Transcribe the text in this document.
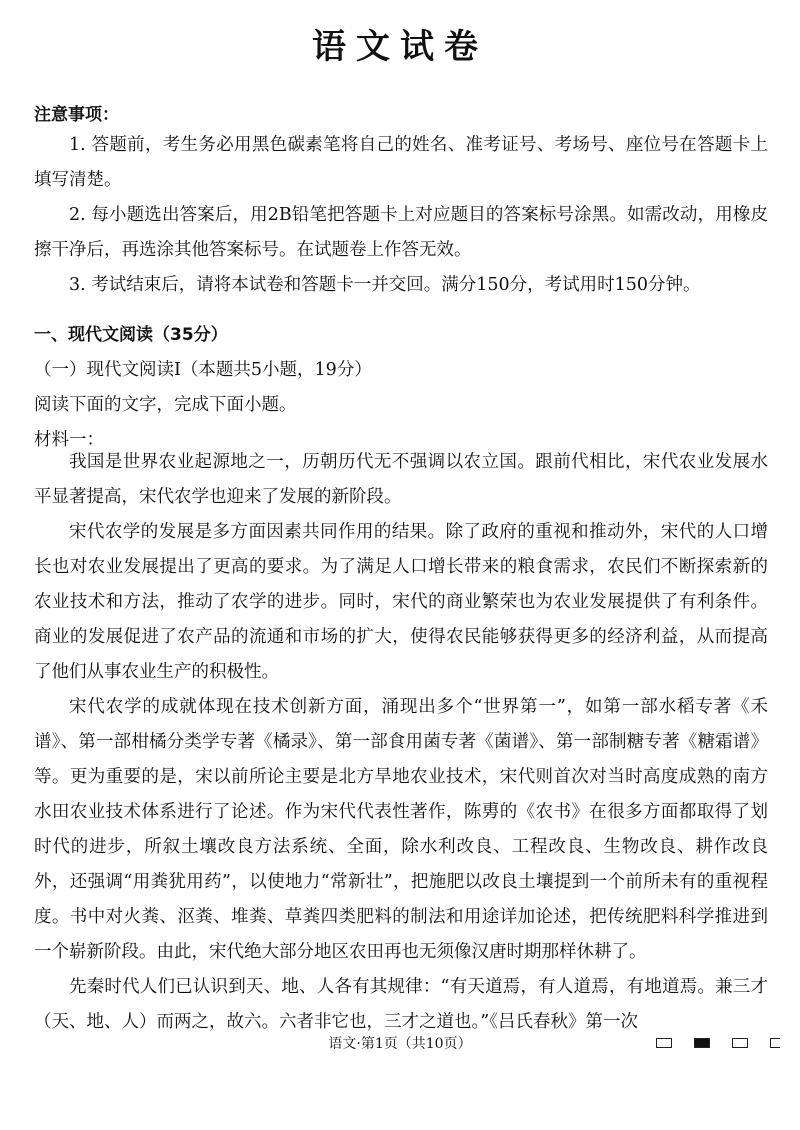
语文试卷
注意事项：

1. 答题前，考生务必用黑色碳素笔将自己的姓名、准考证号、考场号、座位号在答题卡上填写清楚。

2. 每小题选出答案后，用2B铅笔把答题卡上对应题目的答案标号涂黑。如需改动，用橡皮擦干净后，再选涂其他答案标号。在试题卷上作答无效。

3. 考试结束后，请将本试卷和答题卡一并交回。满分150分，考试用时150分钟。

一、现代文阅读（35分）
（一）现代文阅读Ⅰ（本题共5小题，19分）
阅读下面的文字，完成下面小题。
材料一：

我国是世界农业起源地之一，历朝历代无不强调以农立国。跟前代相比，宋代农业发展水平显著提高，宋代农学也迎来了发展的新阶段。

宋代农学的发展是多方面因素共同作用的结果。除了政府的重视和推动外，宋代的人口增长也对农业发展提出了更高的要求。为了满足人口增长带来的粮食需求，农民们不断探索新的农业技术和方法，推动了农学的进步。同时，宋代的商业繁荣也为农业发展提供了有利条件。商业的发展促进了农产品的流通和市场的扩大，使得农民能够获得更多的经济利益，从而提高了他们从事农业生产的积极性。

宋代农学的成就体现在技术创新方面，涌现出多个“世界第一”，如第一部水稻专著《禾谱》、第一部柑橘分类学专著《橘录》、第一部食用菌专著《菌谱》、第一部制糖专著《糖霜谱》等。更为重要的是，宋以前所论主要是北方旱地农业技术，宋代则首次对当时高度成熟的南方水田农业技术体系进行了论述。作为宋代代表性著作，陈旉的《农书》在很多方面都取得了划时代的进步，所叙土壤改良方法系统、全面，除水利改良、工程改良、生物改良、耕作改良外，还强调“用粪犹用药”，以使地力“常新壮”，把施肥以改良土壤提到一个前所未有的重视程度。书中对火粪、沤粪、堆粪、草粪四类肥料的制法和用途详加论述，把传统肥料科学推进到一个崭新阶段。由此，宋代绝大部分地区农田再也无须像汉唐时期那样休耕了。

先秦时代人们已认识到天、地、人各有其规律：“有天道焉，有人道焉，有地道焉。兼三才（天、地、人）而两之，故六。六者非它也，三才之道也。”《吕氏春秋》第一次

语文·第1页（共10页）
